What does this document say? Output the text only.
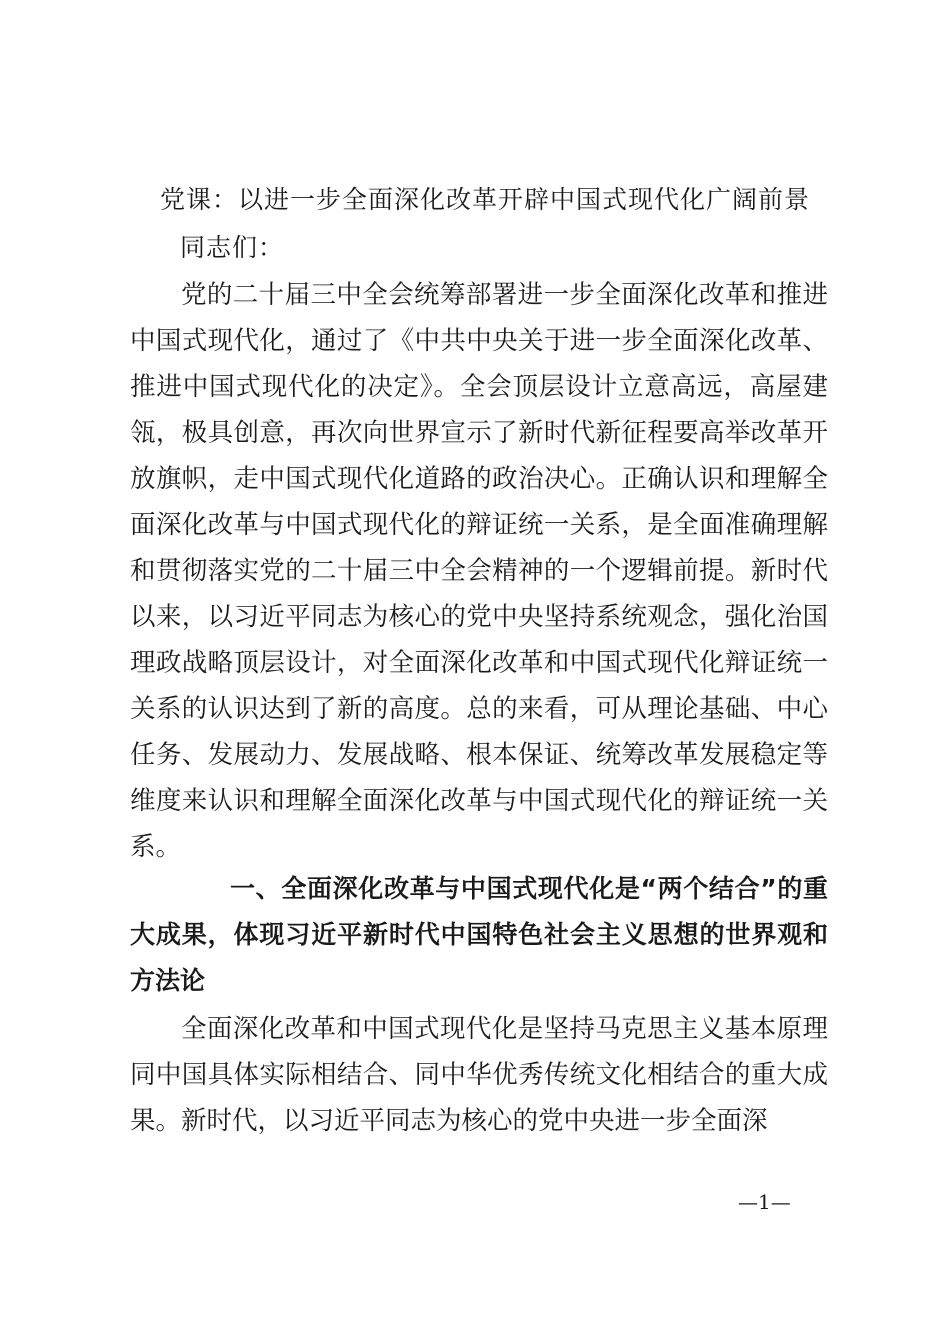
党课：以进一步全面深化改革开辟中国式现代化广阔前景
同志们：
党的二十届三中全会统筹部署进一步全面深化改革和推进中国式现代化，通过了《中共中央关于进一步全面深化改革、推进中国式现代化的决定》。全会顶层设计立意高远，高屋建瓴，极具创意，再次向世界宣示了新时代新征程要高举改革开放旗帜，走中国式现代化道路的政治决心。正确认识和理解全面深化改革与中国式现代化的辩证统一关系，是全面准确理解和贯彻落实党的二十届三中全会精神的一个逻辑前提。新时代以来，以习近平同志为核心的党中央坚持系统观念，强化治国理政战略顶层设计，对全面深化改革和中国式现代化辩证统一关系的认识达到了新的高度。总的来看，可从理论基础、中心任务、发展动力、发展战略、根本保证、统筹改革发展稳定等维度来认识和理解全面深化改革与中国式现代化的辩证统一关系。
一、全面深化改革与中国式现代化是“两个结合”的重大成果，体现习近平新时代中国特色社会主义思想的世界观和方法论
全面深化改革和中国式现代化是坚持马克思主义基本原理同中国具体实际相结合、同中华优秀传统文化相结合的重大成果。新时代，以习近平同志为核心的党中央进一步全面深
—1—
